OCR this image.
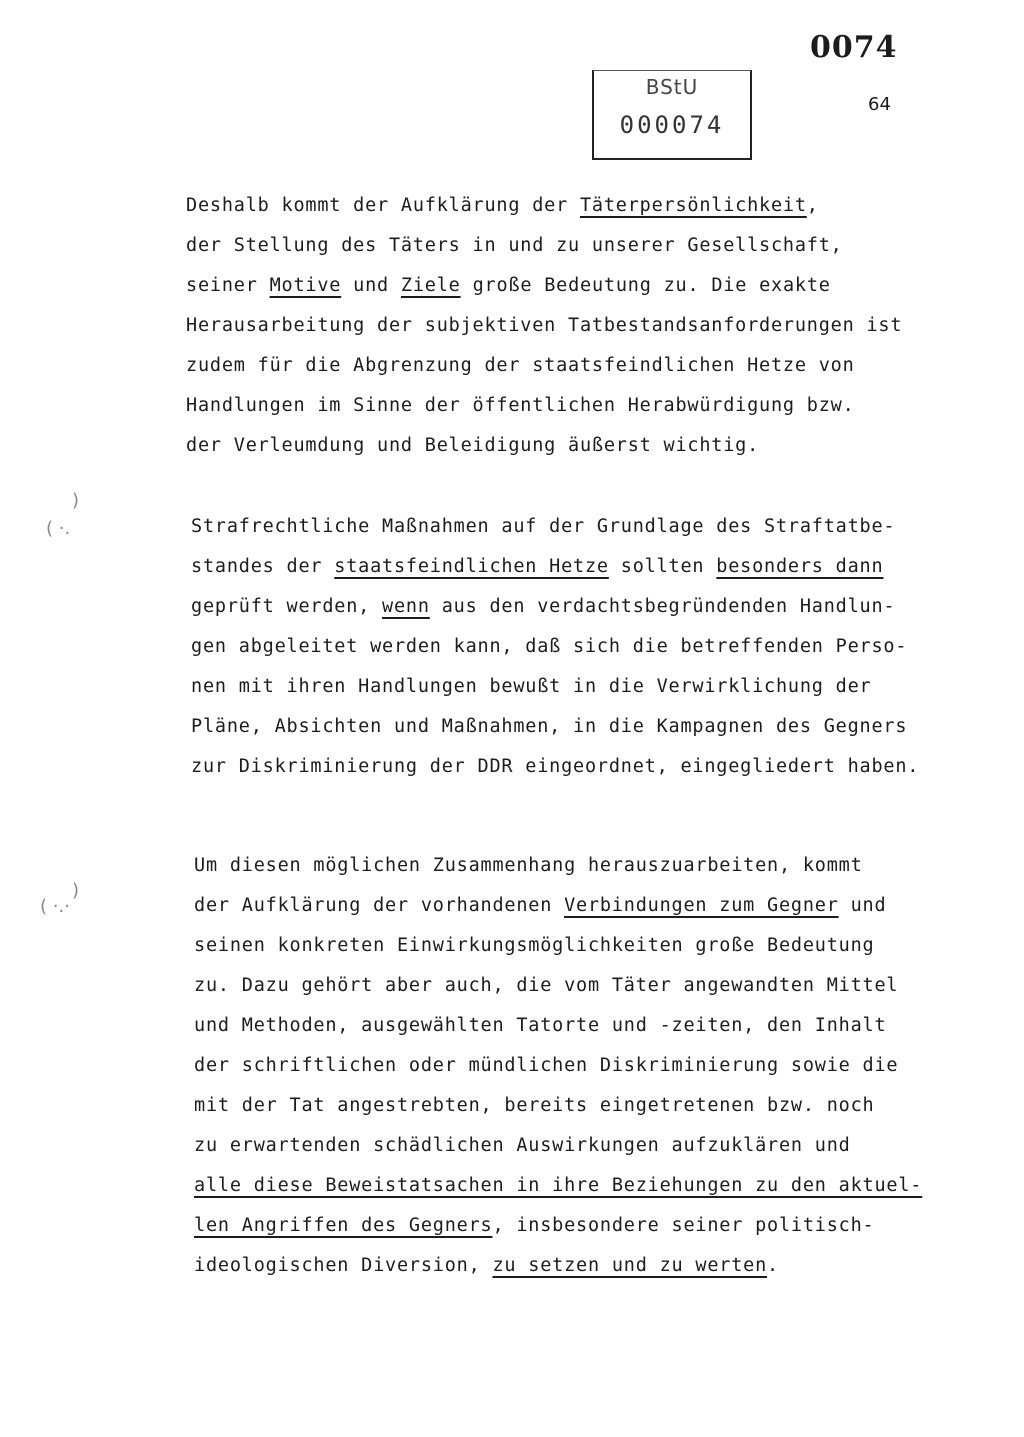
0074
BStU
000074
64
)
( ·.
)
( ·.·
Deshalb kommt der Aufklärung der Täterpersönlichkeit,
der Stellung des Täters in und zu unserer Gesellschaft,
seiner Motive und Ziele große Bedeutung zu. Die exakte
Herausarbeitung der subjektiven Tatbestandsanforderungen ist
zudem für die Abgrenzung der staatsfeindlichen Hetze von
Handlungen im Sinne der öffentlichen Herabwürdigung bzw.
der Verleumdung und Beleidigung äußerst wichtig.
Strafrechtliche Maßnahmen auf der Grundlage des Straftatbe-
standes der staatsfeindlichen Hetze sollten besonders dann
geprüft werden, wenn aus den verdachtsbegründenden Handlun-
gen abgeleitet werden kann, daß sich die betreffenden Perso-
nen mit ihren Handlungen bewußt in die Verwirklichung der
Pläne, Absichten und Maßnahmen, in die Kampagnen des Gegners
zur Diskriminierung der DDR eingeordnet, eingegliedert haben.
Um diesen möglichen Zusammenhang herauszuarbeiten, kommt
der Aufklärung der vorhandenen Verbindungen zum Gegner und
seinen konkreten Einwirkungsmöglichkeiten große Bedeutung
zu. Dazu gehört aber auch, die vom Täter angewandten Mittel
und Methoden, ausgewählten Tatorte und -zeiten, den Inhalt
der schriftlichen oder mündlichen Diskriminierung sowie die
mit der Tat angestrebten, bereits eingetretenen bzw. noch
zu erwartenden schädlichen Auswirkungen aufzuklären und
alle diese Beweistatsachen in ihre Beziehungen zu den aktuel-
len Angriffen des Gegners, insbesondere seiner politisch-
ideologischen Diversion, zu setzen und zu werten.
